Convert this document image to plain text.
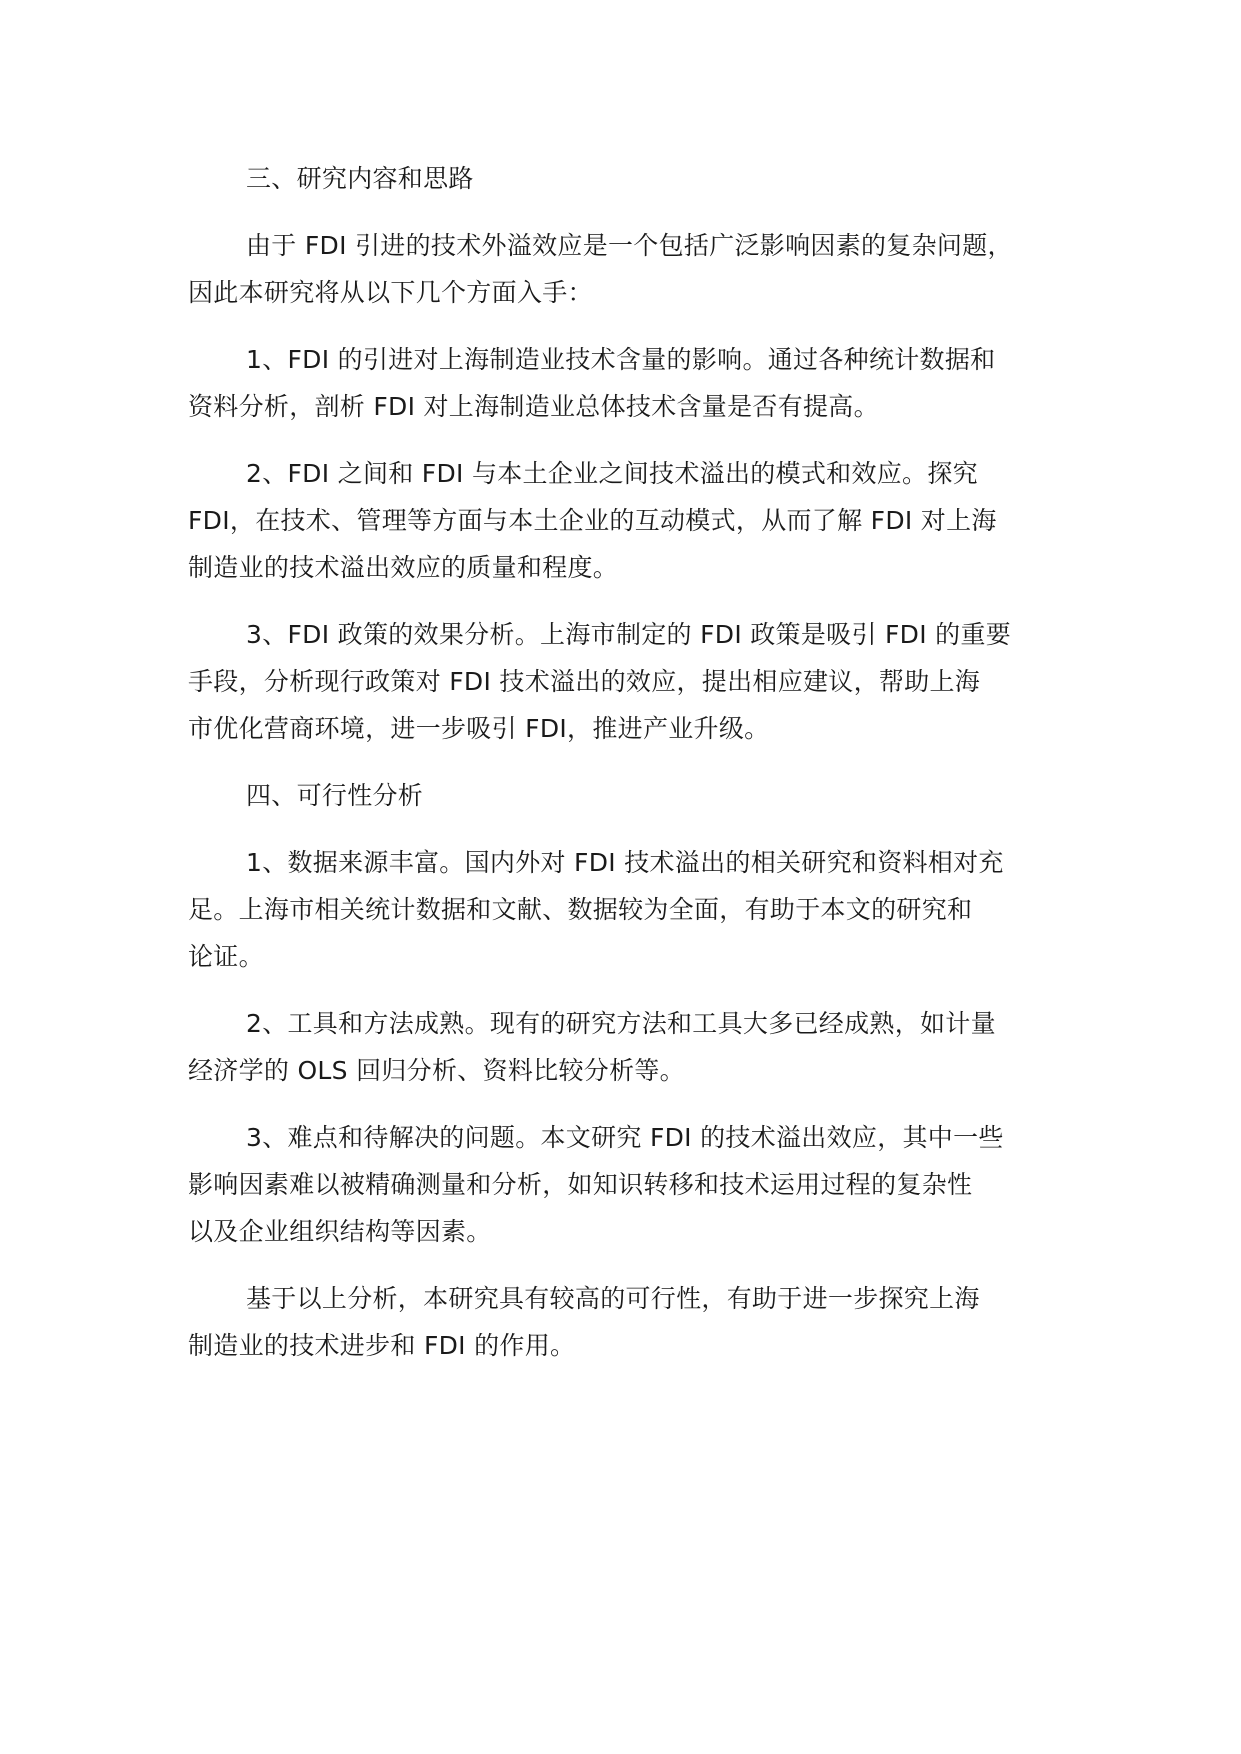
三、研究内容和思路
由于 FDI 引进的技术外溢效应是一个包括广泛影响因素的复杂问题，
因此本研究将从以下几个方面入手：
1、FDI 的引进对上海制造业技术含量的影响。通过各种统计数据和
资料分析，剖析 FDI 对上海制造业总体技术含量是否有提高。
2、FDI 之间和 FDI 与本土企业之间技术溢出的模式和效应。探究
FDI，在技术、管理等方面与本土企业的互动模式，从而了解 FDI 对上海
制造业的技术溢出效应的质量和程度。
3、FDI 政策的效果分析。上海市制定的 FDI 政策是吸引 FDI 的重要
手段，分析现行政策对 FDI 技术溢出的效应，提出相应建议，帮助上海
市优化营商环境，进一步吸引 FDI，推进产业升级。
四、可行性分析
1、数据来源丰富。国内外对 FDI 技术溢出的相关研究和资料相对充
足。上海市相关统计数据和文献、数据较为全面，有助于本文的研究和
论证。
2、工具和方法成熟。现有的研究方法和工具大多已经成熟，如计量
经济学的 OLS 回归分析、资料比较分析等。
3、难点和待解决的问题。本文研究 FDI 的技术溢出效应，其中一些
影响因素难以被精确测量和分析，如知识转移和技术运用过程的复杂性
以及企业组织结构等因素。
基于以上分析，本研究具有较高的可行性，有助于进一步探究上海
制造业的技术进步和 FDI 的作用。
